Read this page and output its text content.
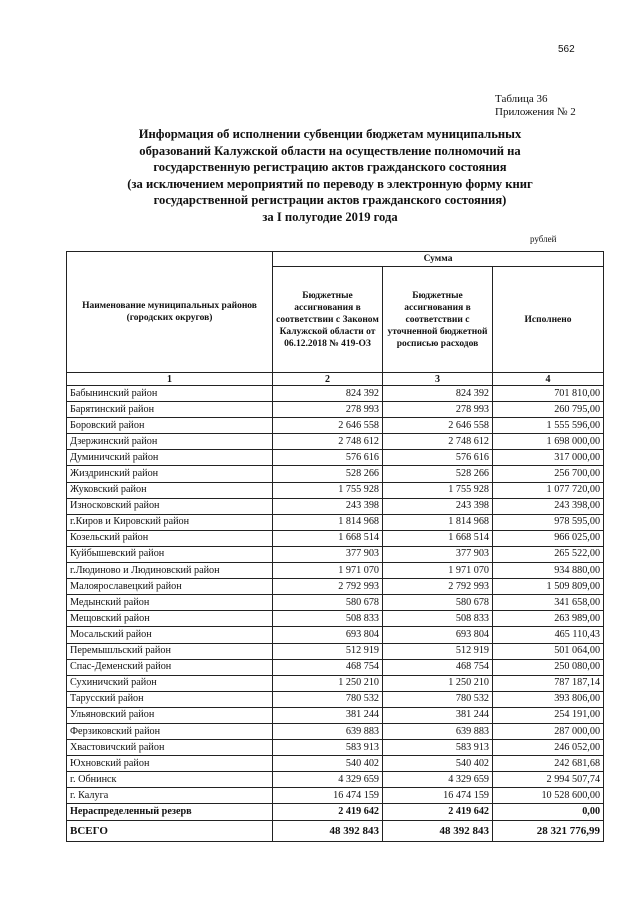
562
Таблица 36
Приложения № 2
Информация об исполнении субвенции бюджетам муниципальных
образований Калужской области на осуществление полномочий на
государственную регистрацию актов гражданского состояния
(за исключением мероприятий по переводу в электронную форму книг
государственной регистрации актов гражданского состояния)
за I полугодие 2019 года
рублей
Наименование муниципальных районов (городских округов)	Сумма		
	Бюджетные ассигнования в соответствии с Законом Калужской области от 06.12.2018 № 419-ОЗ	Бюджетные ассигнования в соответствии с уточненной бюджетной росписью расходов	Исполнено
1	2	3	4
Бабынинский район	824 392	824 392	701 810,00
Барятинский район	278 993	278 993	260 795,00
Боровский район	2 646 558	2 646 558	1 555 596,00
Дзержинский район	2 748 612	2 748 612	1 698 000,00
Думиничский район	576 616	576 616	317 000,00
Жиздринский район	528 266	528 266	256 700,00
Жуковский район	1 755 928	1 755 928	1 077 720,00
Износковский район	243 398	243 398	243 398,00
г.Киров и Кировский район	1 814 968	1 814 968	978 595,00
Козельский район	1 668 514	1 668 514	966 025,00
Куйбышевский район	377 903	377 903	265 522,00
г.Людиново и Людиновский район	1 971 070	1 971 070	934 880,00
Малоярославецкий район	2 792 993	2 792 993	1 509 809,00
Медынский район	580 678	580 678	341 658,00
Мещовский район	508 833	508 833	263 989,00
Мосальский район	693 804	693 804	465 110,43
Перемышльский район	512 919	512 919	501 064,00
Спас-Деменский район	468 754	468 754	250 080,00
Сухиничский район	1 250 210	1 250 210	787 187,14
Тарусский район	780 532	780 532	393 806,00
Ульяновский район	381 244	381 244	254 191,00
Ферзиковский район	639 883	639 883	287 000,00
Хвастовичский район	583 913	583 913	246 052,00
Юхновский район	540 402	540 402	242 681,68
г. Обнинск	4 329 659	4 329 659	2 994 507,74
г. Калуга	16 474 159	16 474 159	10 528 600,00
Нераспределенный резерв	2 419 642	2 419 642	0,00
ВСЕГО	48 392 843	48 392 843	28 321 776,99
